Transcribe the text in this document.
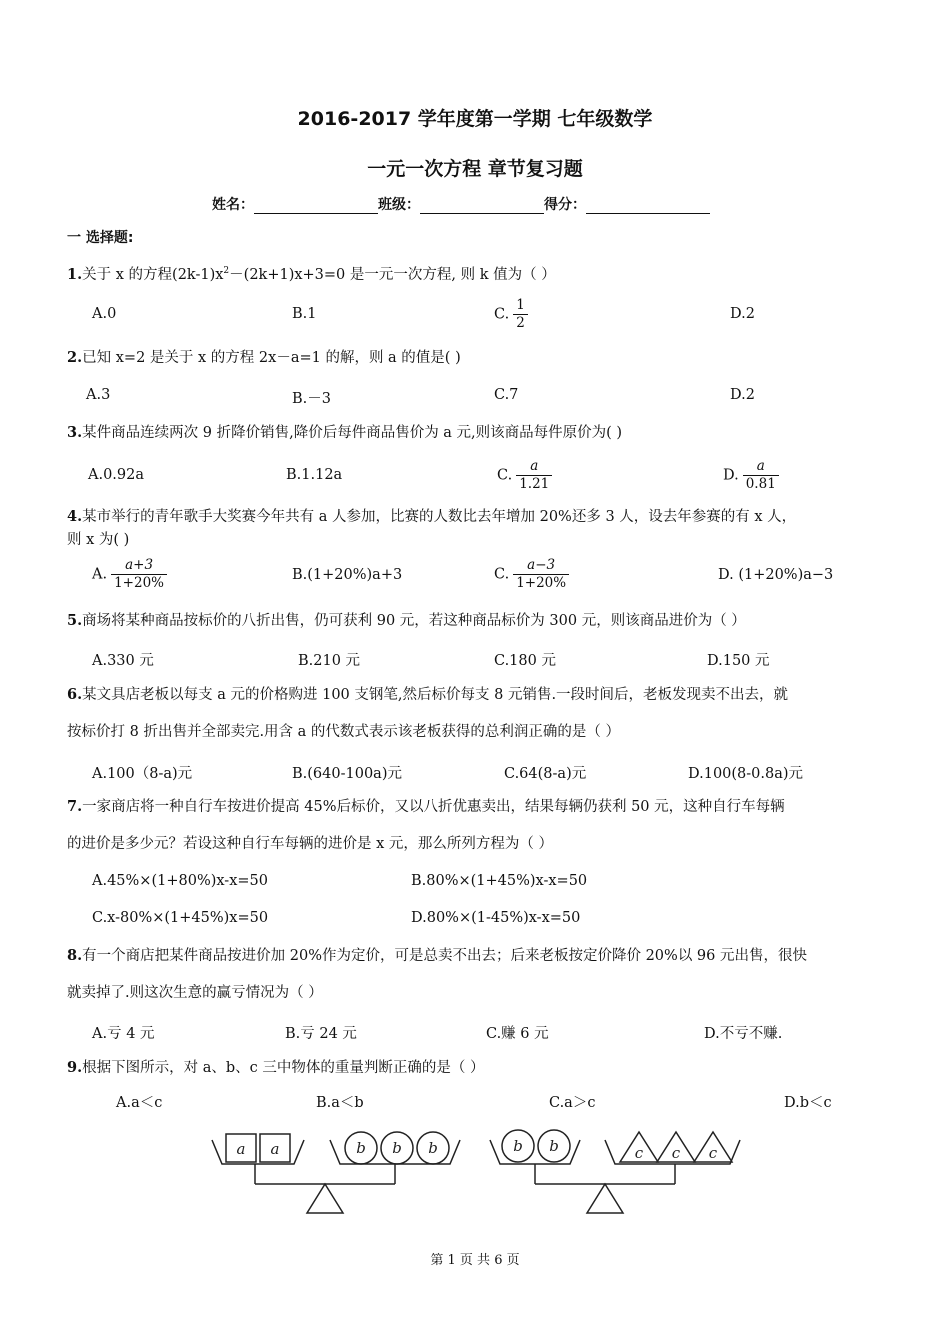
2016-2017 学年度第一学期 七年级数学
一元一次方程 章节复习题
姓名：	班级：	得分：
一 选择题:
1.关于 x 的方程$(2k-1)x^2-(2k+1)x+3=0$ 是一元一次方程, 则 k 值为（ ）
A.0	B.1	C. $\frac{1}{2}$	D.2
2.已知 x=2 是关于 x 的方程 2x－a=1 的解，则 a 的值是( )
A.3	B.－3	C.7	D.2
3.某件商品连续两次 9 折降价销售,降价后每件商品售价为 a 元,则该商品每件原价为( )
A.0.92a	B.1.12a	C. $\frac{a}{1.21}$	D. $\frac{a}{0.81}$
4.某市举行的青年歌手大奖赛今年共有 a 人参加，比赛的人数比去年增加 20%还多 3 人，设去年参赛的有 x 人，
则 x 为( )
A. $\frac{a+3}{1+20\%}$	B.(1+20%)a+3	C. $\frac{a-3}{1+20\%}$	D. (1+20%)a−3
5.商场将某种商品按标价的八折出售，仍可获利 90 元，若这种商品标价为 300 元，则该商品进价为（ ）
A.330 元	B.210 元	C.180 元	D.150 元
6.某文具店老板以每支 a 元的价格购进 100 支钢笔,然后标价每支 8 元销售.一段时间后，老板发现卖不出去，就
按标价打 8 折出售并全部卖完.用含 a 的代数式表示该老板获得的总利润正确的是（ ）
A.100（8-a)元	B.(640-100a)元	C.64(8-a)元	D.100(8-0.8a)元
7.一家商店将一种自行车按进价提高 45%后标价，又以八折优惠卖出，结果每辆仍获利 50 元，这种自行车每辆
的进价是多少元？若设这种自行车每辆的进价是 x 元，那么所列方程为（ ）
A.45%×(1+80%)x-x=50	B.80%×(1+45%)x-x=50
C.x-80%×(1+45%)x=50	D.80%×(1-45%)x-x=50
8.有一个商店把某件商品按进价加 20%作为定价，可是总卖不出去；后来老板按定价降价 20%以 96 元出售，很快
就卖掉了.则这次生意的赢亏情况为（ ）
A.亏 4 元	B.亏 24 元	C.赚 6 元	D.不亏不赚.
9.根据下图所示，对 a、b、c 三中物体的重量判断正确的是（ ）
A.a＜c	B.a＜b	C.a＞c	D.b＜c
a a	b b b	b b	c c c
第 1 页 共 6 页
